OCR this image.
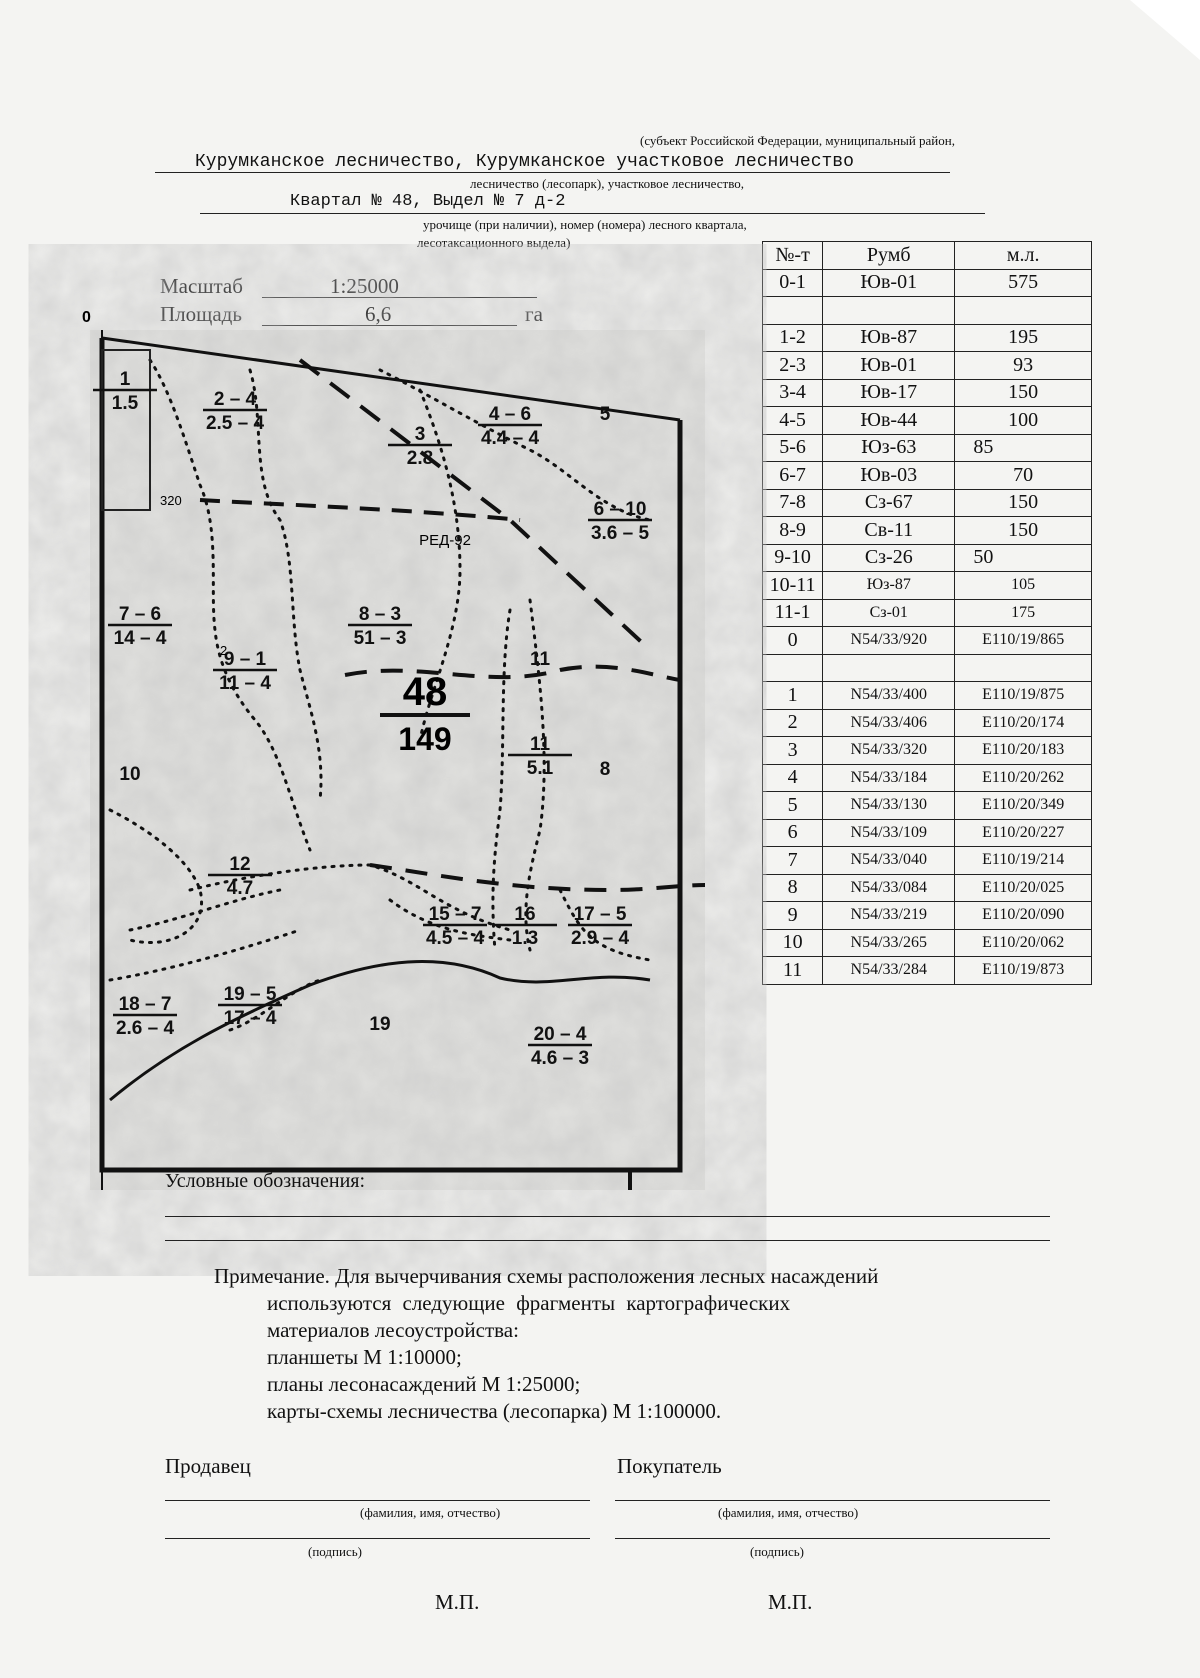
(субъект Российской Федерации, муниципальный район,
Курумканское лесничество, Курумканское участковое лесничество
лесничество (лесопарк), участковое лесничество,
Квартал № 48, Выдел № 7 д-2
урочище (при наличии), номер (номера) лесного квартала,
лесотаксационного выдела)
Масштаб	1:25000
Площадь	6,6	га
№-т	Румб	м.л.
0-1	Юв-01	575

1-2	Юв-87	195
2-3	Юв-01	93
3-4	Юв-17	150
4-5	Юв-44	100
5-6	Юз-63	85
6-7	Юв-03	70
7-8	Сз-67	150
8-9	Св-11	150
9-10	Сз-26	50
10-11	Юз-87	105
11-1	Сз-01	175
0	N54/33/920	E110/19/865

1	N54/33/400	E110/19/875
2	N54/33/406	E110/20/174
3	N54/33/320	E110/20/183
4	N54/33/184	E110/20/262
5	N54/33/130	E110/20/349
6	N54/33/109	E110/20/227
7	N54/33/040	E110/19/214
8	N54/33/084	E110/20/025
9	N54/33/219	E110/20/090
10	N54/33/265	E110/20/062
11	N54/33/284	E110/19/873
1
1.5	2 – 4
2.5 – 4
3
2.8
4 – 6
4.4 – 4
5
6 – 10
3.6 – 5
7 – 6
14 – 4
8 – 3
51 – 3
9 – 1
11 – 4
11
11
5.1 8
10
12
4.7
15 – 7
4.5 – 4
16
1.3
17 – 5
2.9 – 4
18 – 7
2.6 – 4
19 – 5
17 – 4	19	20 – 4
4.6 – 3
48
149
РЕД-92
0
2
320
Условные обозначения:
Примечание. Для вычерчивания схемы расположения лесных насаждений
используются следующие фрагменты картографических
материалов лесоустройства:
планшеты М 1:10000;
планы лесонасаждений М 1:25000;
карты-схемы лесничества (лесопарка) М 1:100000.
Продавец	Покупатель
(фамилия, имя, отчество)	(фамилия, имя, отчество)
(подпись)	(подпись)
М.П.	М.П.
